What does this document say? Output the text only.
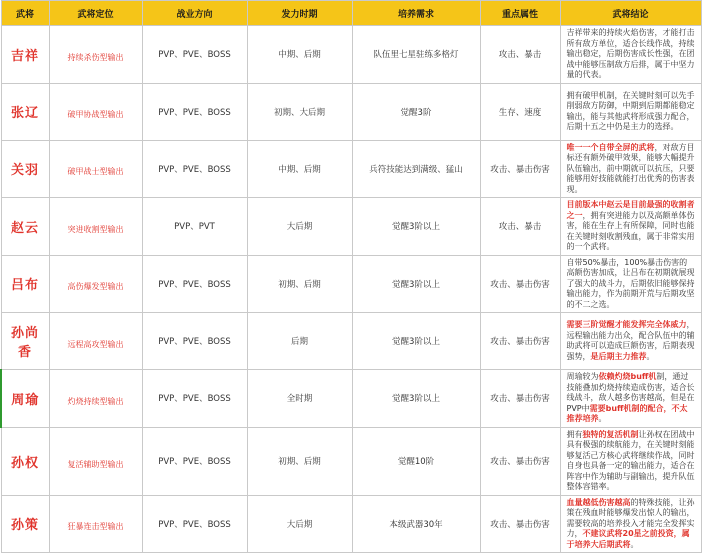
武将	武将定位	战业方向	发力时期	培养需求	重点属性	武将结论
吉祥	持续杀伤型输出	PVP、PVE、BOSS	中期、后期	队伍里七星驻练多格灯	攻击、暴击	吉祥带来的持续火焰伤害，才能打击所有敌方单位，适合长线作战，持续输出稳定，后期伤害成长性强，在团战中能够压制敌方后排，属于中坚力量的代表。
张辽	破甲协战型输出	PVP、PVE、BOSS	初期、大后期	觉醒3阶	生存、速度	拥有破甲机制，在关键时刻可以先手削弱敌方防御，中期到后期都能稳定输出，能与其他武将形成强力配合，后期十五之中仍是主力的选择。
关羽	破甲战士型输出	PVP、PVE、BOSS	中期、后期	兵符技能达到满级、猛山	攻击、暴击伤害	唯一一个自带全屏的武将，对敌方目标还有额外破甲效果，能够大幅提升队伍输出，前中期就可以抗压，只要能够用好技能就能打出优秀的伤害表现。
赵云	突进收割型输出	PVP、PVT	大后期	觉醒3阶以上	攻击、暴击	目前版本中赵云是目前最强的收割者之一，拥有突进能力以及高额单体伤害，能在生存上有所保障，同时也能在关键时刻收割残血，属于非常实用的一个武将。
吕布	高伤爆发型输出	PVP、PVE、BOSS	初期、后期	觉醒3阶以上	攻击、暴击伤害	自带50%暴击，100%暴击伤害的高额伤害加成，让吕布在初期就展现了强大的战斗力，后期依旧能够保持输出能力，作为前期开荒与后期攻坚的不二之选。
孙尚香	远程高攻型输出	PVP、PVE、BOSS	后期	觉醒3阶以上	攻击、暴击伤害	需要三阶觉醒才能发挥完全体威力，远程输出能力出众，配合队伍中的辅助武将可以造成巨额伤害，后期表现强势，是后期主力推荐。
周瑜	灼烧持续型输出	PVP、PVE、BOSS	全时期	觉醒3阶以上	攻击、暴击伤害	周瑜较为依赖灼烧buff机制，通过技能叠加灼烧持续造成伤害，适合长线战斗，敌人越多伤害越高，但是在PVP中需要buff机制的配合，不太推荐培养。
孙权	复活辅助型输出	PVP、PVE、BOSS	初期、后期	觉醒10阶	攻击、暴击伤害	拥有独特的复活机制让孙权在团战中具有极强的续航能力，在关键时刻能够复活己方核心武将继续作战，同时自身也具备一定的输出能力，适合在阵容中作为辅助与副输出，提升队伍整体容错率。
孙策	狂暴连击型输出	PVP、PVE、BOSS	大后期	本级武器30年	攻击、暴击伤害	血量越低伤害越高的特殊技能，让孙策在残血时能够爆发出惊人的输出，需要较高的培养投入才能完全发挥实力，不建议武将20星之前投资，属于培养大后期武将。
